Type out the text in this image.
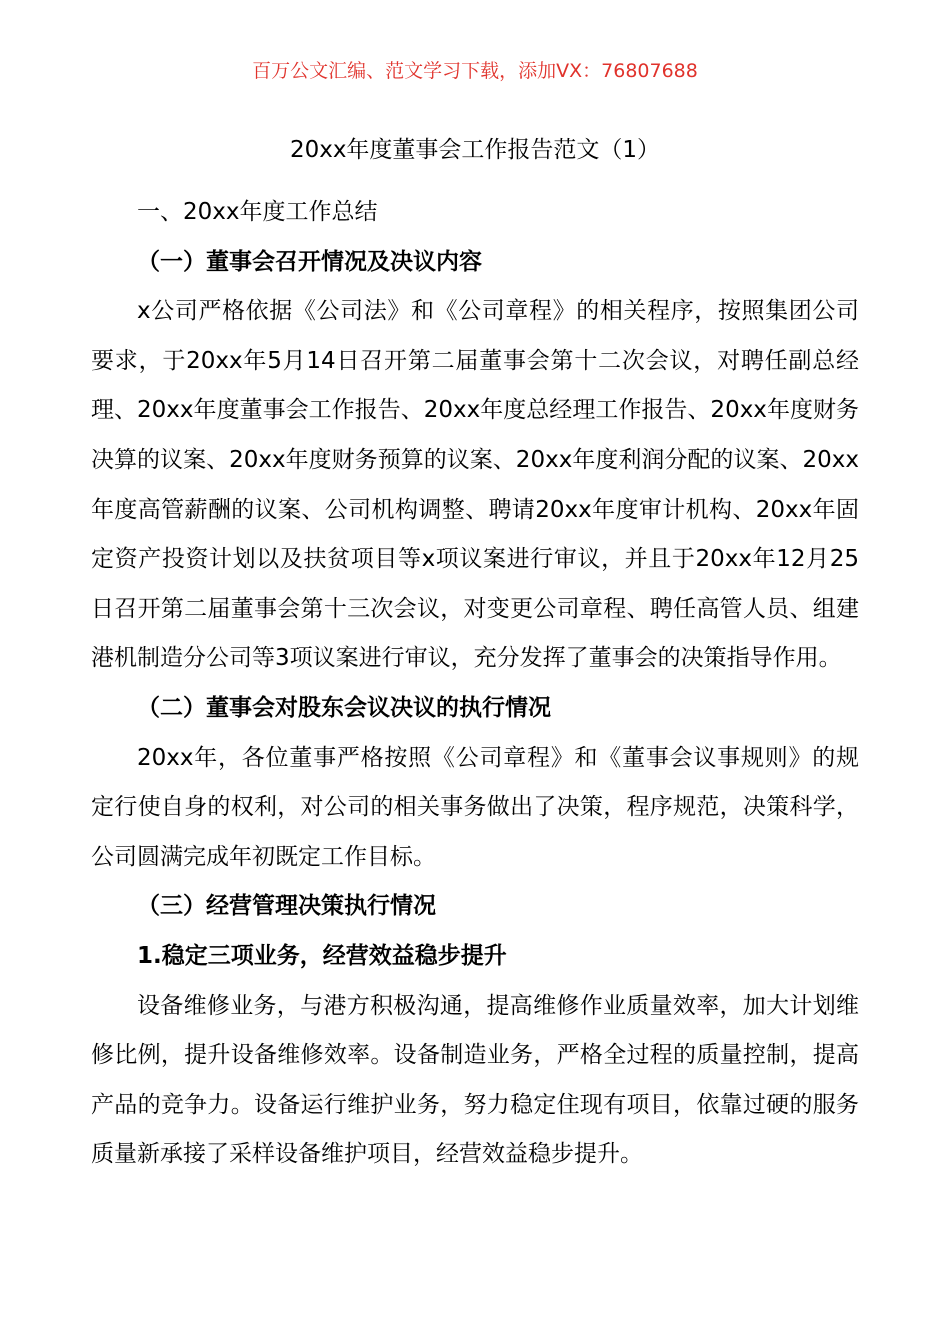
百万公文汇编、范文学习下载，添加VX：76807688
20xx年度董事会工作报告范文（1）

一、20xx年度工作总结

（一）董事会召开情况及决议内容

x公司严格依据《公司法》和《公司章程》的相关程序，按照集团公司要求，于20xx年5月14日召开第二届董事会第十二次会议，对聘任副总经理、20xx年度董事会工作报告、20xx年度总经理工作报告、20xx年度财务决算的议案、20xx年度财务预算的议案、20xx年度利润分配的议案、20xx年度高管薪酬的议案、公司机构调整、聘请20xx年度审计机构、20xx年固定资产投资计划以及扶贫项目等x项议案进行审议，并且于20xx年12月25日召开第二届董事会第十三次会议，对变更公司章程、聘任高管人员、组建港机制造分公司等3项议案进行审议，充分发挥了董事会的决策指导作用。

（二）董事会对股东会议决议的执行情况

20xx年，各位董事严格按照《公司章程》和《董事会议事规则》的规定行使自身的权利，对公司的相关事务做出了决策，程序规范，决策科学，公司圆满完成年初既定工作目标。

（三）经营管理决策执行情况

1.稳定三项业务，经营效益稳步提升

设备维修业务，与港方积极沟通，提高维修作业质量效率，加大计划维修比例，提升设备维修效率。设备制造业务，严格全过程的质量控制，提高产品的竞争力。设备运行维护业务，努力稳定住现有项目，依靠过硬的服务质量新承接了采样设备维护项目，经营效益稳步提升。
